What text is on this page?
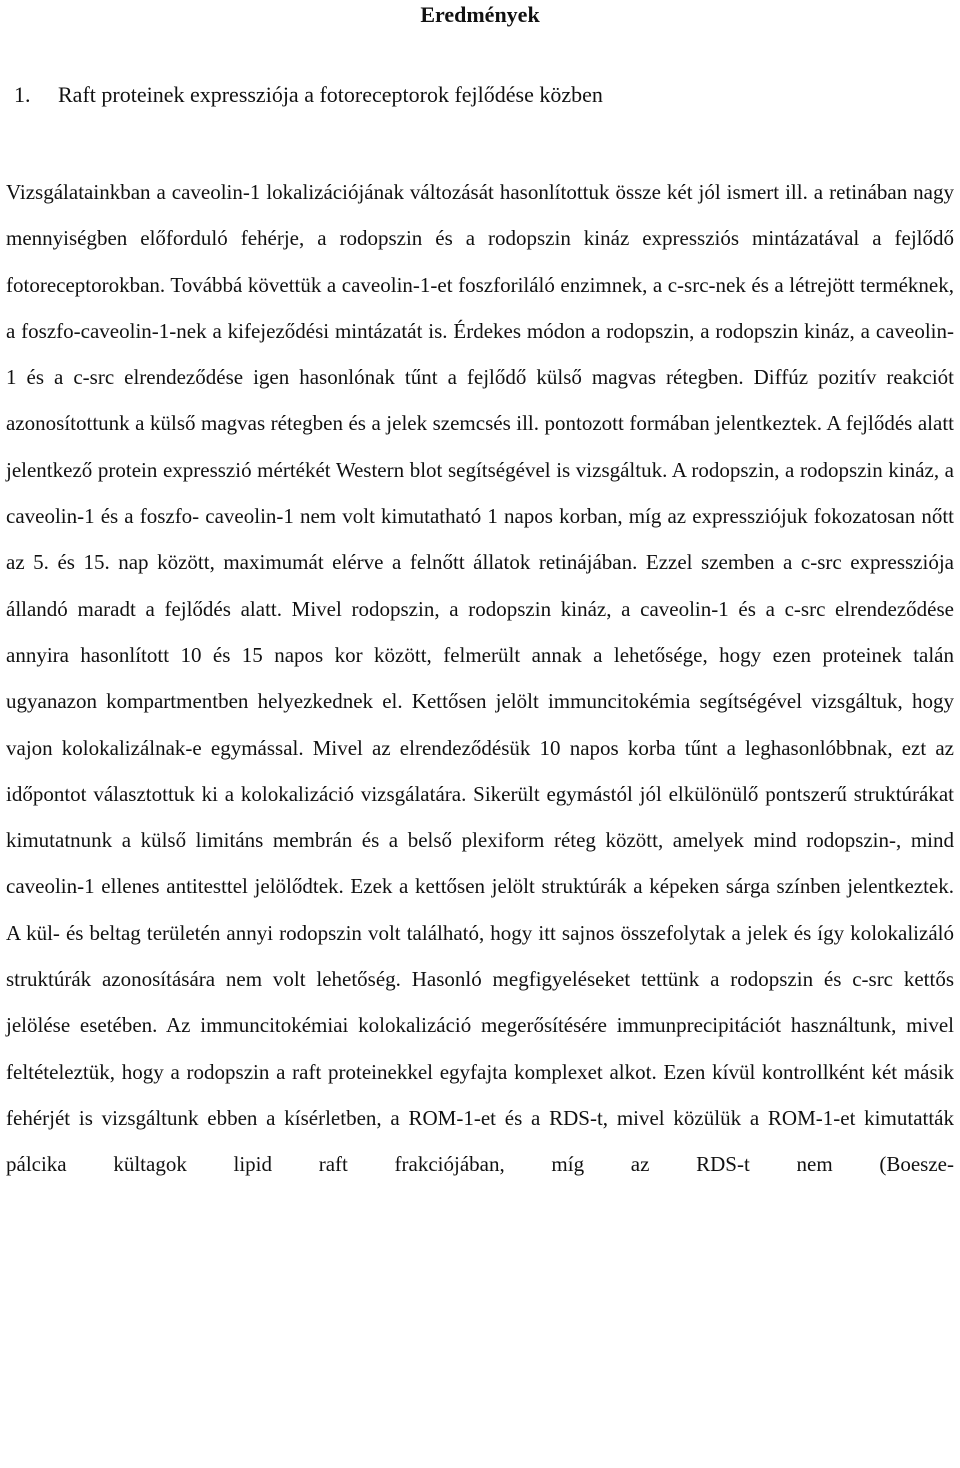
Eredmények
1. Raft proteinek expressziója a fotoreceptorok fejlődése közben

Vizsgálatainkban a caveolin-1 lokalizációjának változását hasonlítottuk össze két jól ismert ill. a retinában nagy mennyiségben előforduló fehérje, a rodopszin és a rodopszin kináz expressziós mintázatával a fejlődő fotoreceptorokban. Továbbá követtük a caveolin-1-et foszforiláló enzimnek, a c-src-nek és a létrejött terméknek, a foszfo-caveolin-1-nek a kifejeződési mintázatát is. Érdekes módon a rodopszin, a rodopszin kináz, a caveolin-1 és a c-src elrendeződése igen hasonlónak tűnt a fejlődő külső magvas rétegben. Diffúz pozitív reakciót azonosítottunk a külső magvas rétegben és a jelek szemcsés ill. pontozott formában jelentkeztek. A fejlődés alatt jelentkező protein expresszió mértékét Western blot segítségével is vizsgáltuk. A rodopszin, a rodopszin kináz, a caveolin-1 és a foszfo- caveolin-1 nem volt kimutatható 1 napos korban, míg az expressziójuk fokozatosan nőtt az 5. és 15. nap között, maximumát elérve a felnőtt állatok retinájában. Ezzel szemben a c-src expressziója állandó maradt a fejlődés alatt. Mivel rodopszin, a rodopszin kináz, a caveolin-1 és a c-src elrendeződése annyira hasonlított 10 és 15 napos kor között, felmerült annak a lehetősége, hogy ezen proteinek talán ugyanazon kompartmentben helyezkednek el. Kettősen jelölt immuncitokémia segítségével vizsgáltuk, hogy vajon kolokalizálnak-e egymással. Mivel az elrendeződésük 10 napos korba tűnt a leghasonlóbbnak, ezt az időpontot választottuk ki a kolokalizáció vizsgálatára. Sikerült egymástól jól elkülönülő pontszerű struktúrákat kimutatnunk a külső limitáns membrán és a belső plexiform réteg között, amelyek mind rodopszin-, mind caveolin-1 ellenes antitesttel jelölődtek. Ezek a kettősen jelölt struktúrák a képeken sárga színben jelentkeztek. A kül- és beltag területén annyi rodopszin volt található, hogy itt sajnos összefolytak a jelek és így kolokalizáló struktúrák azonosítására nem volt lehetőség. Hasonló megfigyeléseket tettünk a rodopszin és c-src kettős jelölése esetében. Az immuncitokémiai kolokalizáció megerősítésére immunprecipitációt használtunk, mivel feltételeztük, hogy a rodopszin a raft proteinekkel egyfajta komplexet alkot. Ezen kívül kontrollként két másik fehérjét is vizsgáltunk ebben a kísérletben, a ROM-1-et és a RDS-t, mivel közülük a ROM-1-et kimutatták pálcika kültagok lipid raft frakciójában, míg az RDS-t nem (Boesze-
